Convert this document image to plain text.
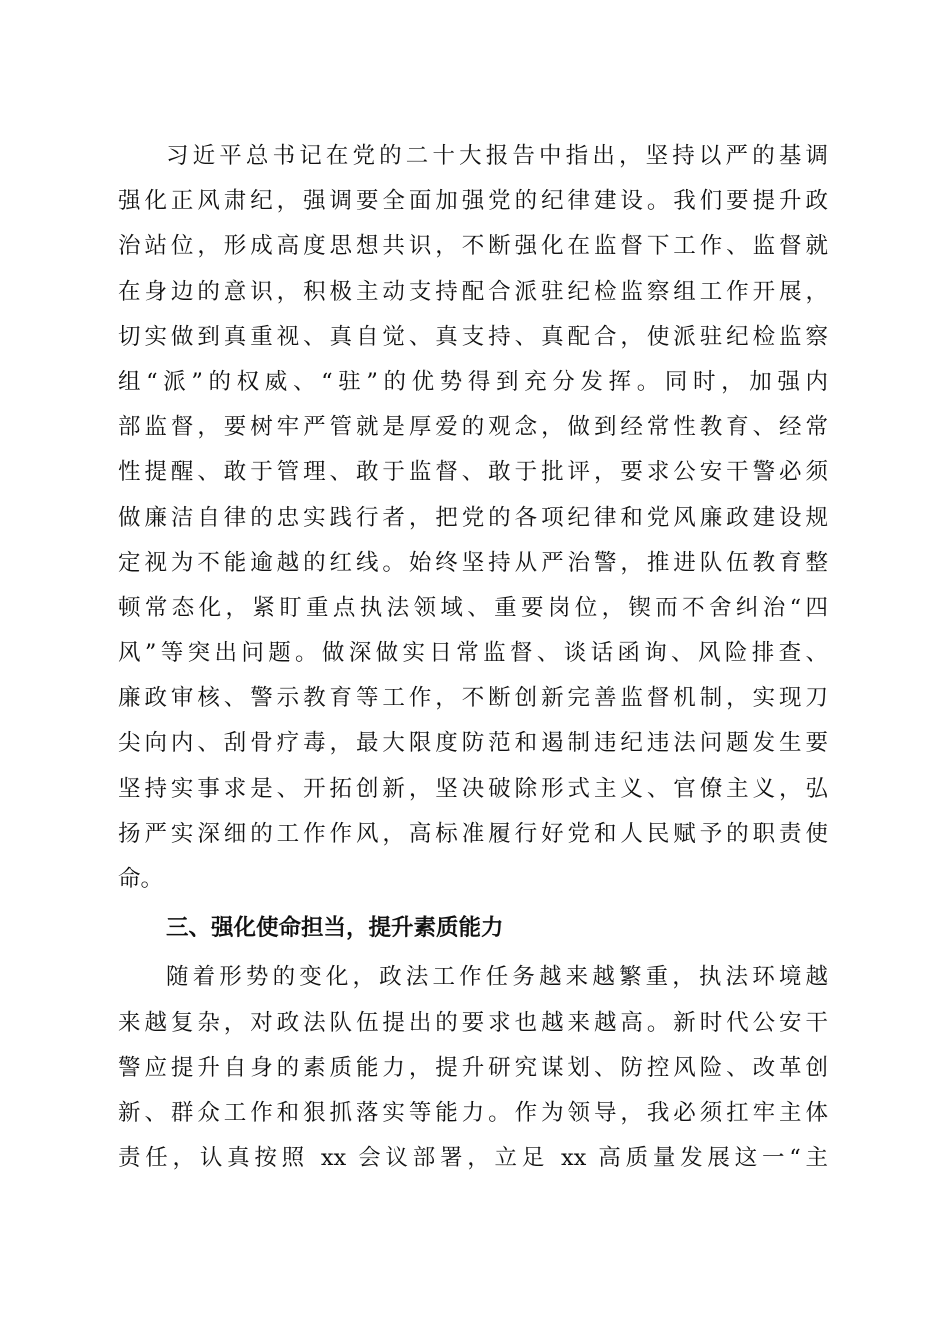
习近平总书记在党的二十大报告中指出，坚持以严的基调
强化正风肃纪，强调要全面加强党的纪律建设。我们要提升政
治站位，形成高度思想共识，不断强化在监督下工作、监督就
在身边的意识，积极主动支持配合派驻纪检监察组工作开展，
切实做到真重视、真自觉、真支持、真配合，使派驻纪检监察
组“派”的权威、“驻”的优势得到充分发挥。同时，加强内
部监督，要树牢严管就是厚爱的观念，做到经常性教育、经常
性提醒、敢于管理、敢于监督、敢于批评，要求公安干警必须
做廉洁自律的忠实践行者，把党的各项纪律和党风廉政建设规
定视为不能逾越的红线。始终坚持从严治警，推进队伍教育整
顿常态化，紧盯重点执法领域、重要岗位，锲而不舍纠治“四
风”等突出问题。做深做实日常监督、谈话函询、风险排查、
廉政审核、警示教育等工作，不断创新完善监督机制，实现刀
尖向内、刮骨疗毒，最大限度防范和遏制违纪违法问题发生要
坚持实事求是、开拓创新，坚决破除形式主义、官僚主义，弘
扬严实深细的工作作风，高标准履行好党和人民赋予的职责使
命。
三、强化使命担当，提升素质能力
随着形势的变化，政法工作任务越来越繁重，执法环境越
来越复杂，对政法队伍提出的要求也越来越高。新时代公安干
警应提升自身的素质能力，提升研究谋划、防控风险、改革创
新、群众工作和狠抓落实等能力。作为领导，我必须扛牢主体
责任，认真按照 xx 会议部署，立足 xx 高质量发展这一“主
